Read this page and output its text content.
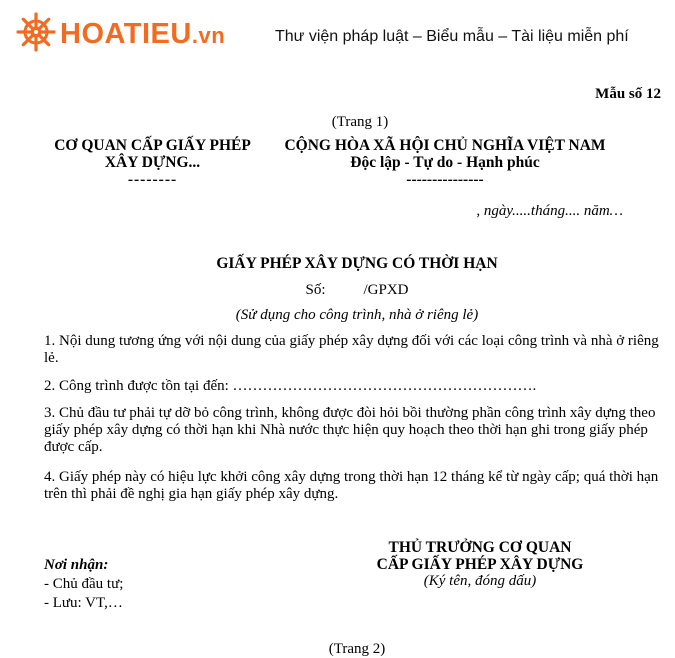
HOATIEU.vn	Thư viện pháp luật – Biểu mẫu – Tài liệu miễn phí
Mẫu số 12
(Trang 1)
CƠ QUAN CẤP GIẤY PHÉP
XÂY DỰNG...
--------
CỘNG HÒA XÃ HỘI CHỦ NGHĨA VIỆT NAM
Độc lập - Tự do - Hạnh phúc
---------------
, ngày.....tháng.... năm…
GIẤY PHÉP XÂY DỰNG CÓ THỜI HẠN
Số:	/GPXD
(Sử dụng cho công trình, nhà ở riêng lẻ)
1. Nội dung tương ứng với nội dung của giấy phép xây dựng đối với các loại công trình và nhà ở riêng lẻ.
2. Công trình được tồn tại đến: …………………………………………………….
3. Chủ đầu tư phải tự dỡ bỏ công trình, không được đòi hỏi bồi thường phần công trình xây dựng theo giấy phép xây dựng có thời hạn khi Nhà nước thực hiện quy hoạch theo thời hạn ghi trong giấy phép được cấp.
4. Giấy phép này có hiệu lực khởi công xây dựng trong thời hạn 12 tháng kể từ ngày cấp; quá thời hạn trên thì phải đề nghị gia hạn giấy phép xây dựng.
Nơi nhận:
- Chủ đầu tư;
- Lưu: VT,…
THỦ TRƯỞNG CƠ QUAN
CẤP GIẤY PHÉP XÂY DỰNG
(Ký tên, đóng dấu)
(Trang 2)
